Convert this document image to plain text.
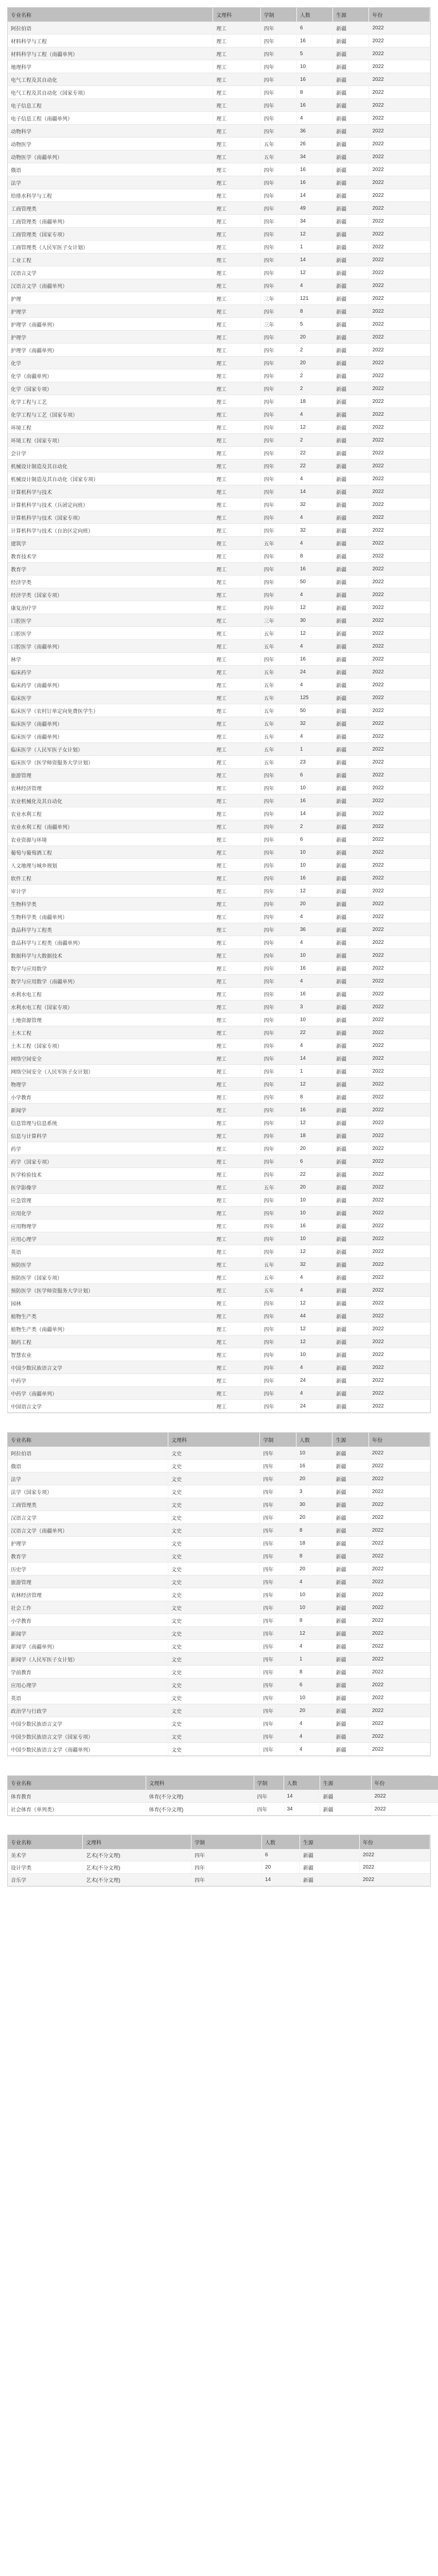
专业名称	文理科	学制	人数	生源	年份
阿拉伯语	理工	四年	6	新疆	2022
材料科学与工程	理工	四年	16	新疆	2022
材料科学与工程（南疆单列）	理工	四年	5	新疆	2022
地理科学	理工	四年	10	新疆	2022
电气工程及其自动化	理工	四年	16	新疆	2022
电气工程及其自动化（国家专项）	理工	四年	8	新疆	2022
电子信息工程	理工	四年	16	新疆	2022
电子信息工程（南疆单列）	理工	四年	4	新疆	2022
动物科学	理工	四年	36	新疆	2022
动物医学	理工	五年	26	新疆	2022
动物医学（南疆单列）	理工	五年	34	新疆	2022
俄语	理工	四年	16	新疆	2022
法学	理工	四年	16	新疆	2022
给排水科学与工程	理工	四年	14	新疆	2022
工商管理类	理工	四年	49	新疆	2022
工商管理类（南疆单列）	理工	四年	34	新疆	2022
工商管理类（国家专项）	理工	四年	12	新疆	2022
工商管理类（人民军医子女计划）	理工	四年	1	新疆	2022
工业工程	理工	四年	14	新疆	2022
汉语言文学	理工	四年	12	新疆	2022
汉语言文学（南疆单列）	理工	四年	4	新疆	2022
护理	理工	三年	121	新疆	2022
护理学	理工	四年	8	新疆	2022
护理学（南疆单列）	理工	三年	5	新疆	2022
护理学	理工	四年	20	新疆	2022
护理学（南疆单列）	理工	四年	2	新疆	2022
化学	理工	四年	20	新疆	2022
化学（南疆单列）	理工	四年	2	新疆	2022
化学（国家专项）	理工	四年	2	新疆	2022
化学工程与工艺	理工	四年	18	新疆	2022
化学工程与工艺（国家专项）	理工	四年	4	新疆	2022
环境工程	理工	四年	12	新疆	2022
环境工程（国家专项）	理工	四年	2	新疆	2022
会计学	理工	四年	22	新疆	2022
机械设计制造及其自动化	理工	四年	22	新疆	2022
机械设计制造及其自动化（国家专项）	理工	四年	4	新疆	2022
计算机科学与技术	理工	四年	14	新疆	2022
计算机科学与技术（兵团定向班）	理工	四年	32	新疆	2022
计算机科学与技术（国家专项）	理工	四年	4	新疆	2022
计算机科学与技术（自治区定向班）	理工	四年	32	新疆	2022
建筑学	理工	五年	4	新疆	2022
教育技术学	理工	四年	8	新疆	2022
教育学	理工	四年	16	新疆	2022
经济学类	理工	四年	50	新疆	2022
经济学类（国家专项）	理工	四年	4	新疆	2022
康复治疗学	理工	四年	12	新疆	2022
口腔医学	理工	三年	30	新疆	2022
口腔医学	理工	五年	12	新疆	2022
口腔医学（南疆单列）	理工	五年	4	新疆	2022
林学	理工	四年	16	新疆	2022
临床药学	理工	五年	24	新疆	2022
临床药学（南疆单列）	理工	五年	4	新疆	2022
临床医学	理工	五年	125	新疆	2022
临床医学（农村订单定向免费医学生）	理工	五年	50	新疆	2022
临床医学（南疆单列）	理工	五年	32	新疆	2022
临床医学（南疆单列）	理工	五年	4	新疆	2022
临床医学（人民军医子女计划）	理工	五年	1	新疆	2022
临床医学（医学师资服务大学计划）	理工	五年	23	新疆	2022
旅游管理	理工	四年	6	新疆	2022
农林经济管理	理工	四年	10	新疆	2022
农业机械化及其自动化	理工	四年	16	新疆	2022
农业水利工程	理工	四年	14	新疆	2022
农业水利工程（南疆单列）	理工	四年	2	新疆	2022
农业资源与环境	理工	四年	6	新疆	2022
葡萄与葡萄酒工程	理工	四年	10	新疆	2022
人文地理与城乡规划	理工	四年	10	新疆	2022
软件工程	理工	四年	16	新疆	2022
审计学	理工	四年	12	新疆	2022
生物科学类	理工	四年	20	新疆	2022
生物科学类（南疆单列）	理工	四年	4	新疆	2022
食品科学与工程类	理工	四年	36	新疆	2022
食品科学与工程类（南疆单列）	理工	四年	4	新疆	2022
数据科学与大数据技术	理工	四年	10	新疆	2022
数学与应用数学	理工	四年	16	新疆	2022
数学与应用数学（南疆单列）	理工	四年	4	新疆	2022
水利水电工程	理工	四年	16	新疆	2022
水利水电工程（国家专项）	理工	四年	3	新疆	2022
土地资源管理	理工	四年	10	新疆	2022
土木工程	理工	四年	22	新疆	2022
土木工程（国家专项）	理工	四年	4	新疆	2022
网络空间安全	理工	四年	14	新疆	2022
网络空间安全（人民军医子女计划）	理工	四年	1	新疆	2022
物理学	理工	四年	12	新疆	2022
小学教育	理工	四年	8	新疆	2022
新闻学	理工	四年	16	新疆	2022
信息管理与信息系统	理工	四年	12	新疆	2022
信息与计算科学	理工	四年	18	新疆	2022
药学	理工	四年	20	新疆	2022
药学（国家专项）	理工	四年	6	新疆	2022
医学检验技术	理工	四年	22	新疆	2022
医学影像学	理工	五年	20	新疆	2022
应急管理	理工	四年	10	新疆	2022
应用化学	理工	四年	10	新疆	2022
应用物理学	理工	四年	16	新疆	2022
应用心理学	理工	四年	10	新疆	2022
英语	理工	四年	12	新疆	2022
预防医学	理工	五年	32	新疆	2022
预防医学（国家专项）	理工	五年	4	新疆	2022
预防医学（医学师资服务大学计划）	理工	五年	4	新疆	2022
园林	理工	四年	12	新疆	2022
植物生产类	理工	四年	44	新疆	2022
植物生产类（南疆单列）	理工	四年	12	新疆	2022
制药工程	理工	四年	12	新疆	2022
智慧农业	理工	四年	10	新疆	2022
中国少数民族语言文学	理工	四年	4	新疆	2022
中药学	理工	四年	24	新疆	2022
中药学（南疆单列）	理工	四年	4	新疆	2022
中国语言文学	理工	四年	24	新疆	2022
专业名称	文理科	学制	人数	生源	年份
阿拉伯语	文史	四年	10	新疆	2022
俄语	文史	四年	16	新疆	2022
法学	文史	四年	20	新疆	2022
法学（国家专项）	文史	四年	3	新疆	2022
工商管理类	文史	四年	30	新疆	2022
汉语言文学	文史	四年	20	新疆	2022
汉语言文学（南疆单列）	文史	四年	8	新疆	2022
护理学	文史	四年	18	新疆	2022
教育学	文史	四年	8	新疆	2022
历史学	文史	四年	20	新疆	2022
旅游管理	文史	四年	4	新疆	2022
农林经济管理	文史	四年	10	新疆	2022
社会工作	文史	四年	10	新疆	2022
小学教育	文史	四年	8	新疆	2022
新闻学	文史	四年	12	新疆	2022
新闻学（南疆单列）	文史	四年	4	新疆	2022
新闻学（人民军医子女计划）	文史	四年	1	新疆	2022
学前教育	文史	四年	8	新疆	2022
应用心理学	文史	四年	6	新疆	2022
英语	文史	四年	10	新疆	2022
政治学与行政学	文史	四年	20	新疆	2022
中国少数民族语言文学	文史	四年	4	新疆	2022
中国少数民族语言文学（国家专项）	文史	四年	4	新疆	2022
中国少数民族语言文学（南疆单列）	文史	四年	4	新疆	2022
专业名称	文理科	学制	人数	生源	年份
体育教育	体育(不分文理)	四年	14	新疆	2022
社会体育（单列类）	体育(不分文理)	四年	34	新疆	2022
专业名称	文理科	学制	人数	生源	年份
美术学	艺术(不分文理)	四年	6	新疆	2022
设计学类	艺术(不分文理)	四年	20	新疆	2022
音乐学	艺术(不分文理)	四年	14	新疆	2022
